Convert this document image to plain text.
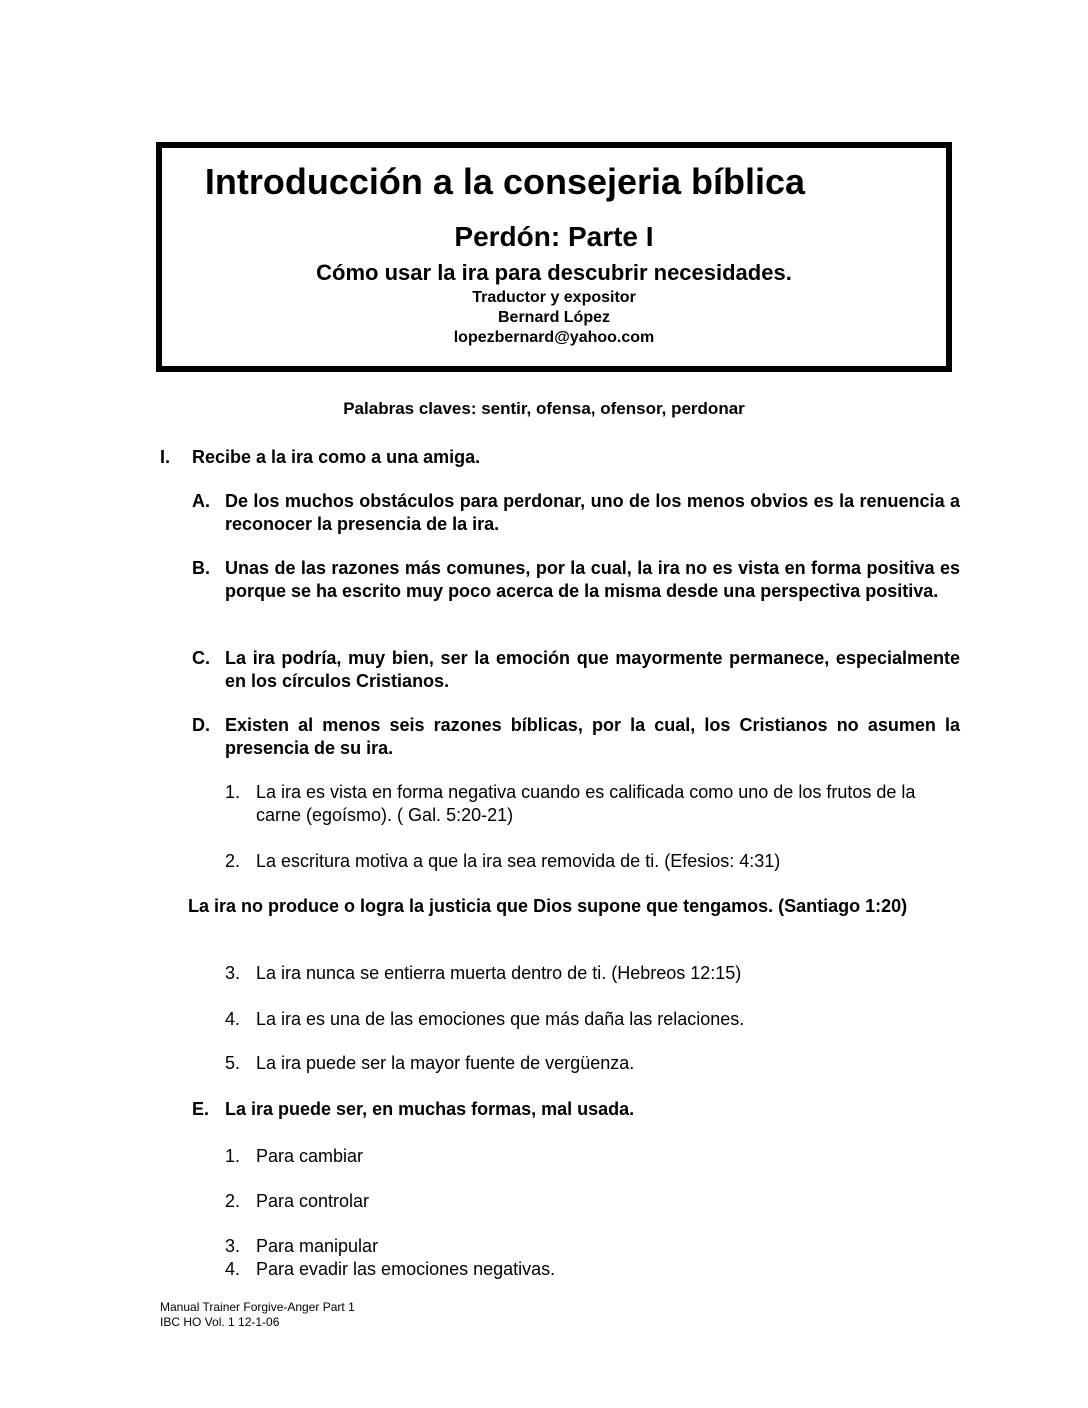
Introducción a la consejeria bíblica
Perdón: Parte I
Cómo usar la ira para descubrir necesidades.
Traductor y expositor
Bernard López
lopezbernard@yahoo.com
Palabras claves: sentir, ofensa, ofensor, perdonar
I. Recibe a la ira como a una amiga.
A. De los muchos obstáculos para perdonar, uno de los menos obvios es la renuencia a reconocer la presencia de la ira.
B. Unas de las razones más comunes, por la cual, la ira no es vista en forma positiva es porque se ha escrito muy poco acerca de la misma desde una perspectiva positiva.
C. La ira podría, muy bien, ser la emoción que mayormente permanece, especialmente en los círculos Cristianos.
D. Existen al menos seis razones bíblicas, por la cual, los Cristianos no asumen la presencia de su ira.
1. La ira es vista en forma negativa cuando es calificada como uno de los frutos de la carne (egoísmo). ( Gal. 5:20-21)
2. La escritura motiva a que la ira sea removida de ti. (Efesios: 4:31)
La ira no produce o logra la justicia que Dios supone que tengamos. (Santiago 1:20)
3. La ira nunca se entierra muerta dentro de ti. (Hebreos 12:15)
4. La ira es una de las emociones que más daña las relaciones.
5. La ira puede ser la mayor fuente de vergüenza.
E. La ira puede ser, en muchas formas, mal usada.
1. Para cambiar
2. Para controlar
3. Para manipular
4. Para evadir las emociones negativas.
Manual Trainer Forgive-Anger Part 1
IBC HO Vol. 1 12-1-06
